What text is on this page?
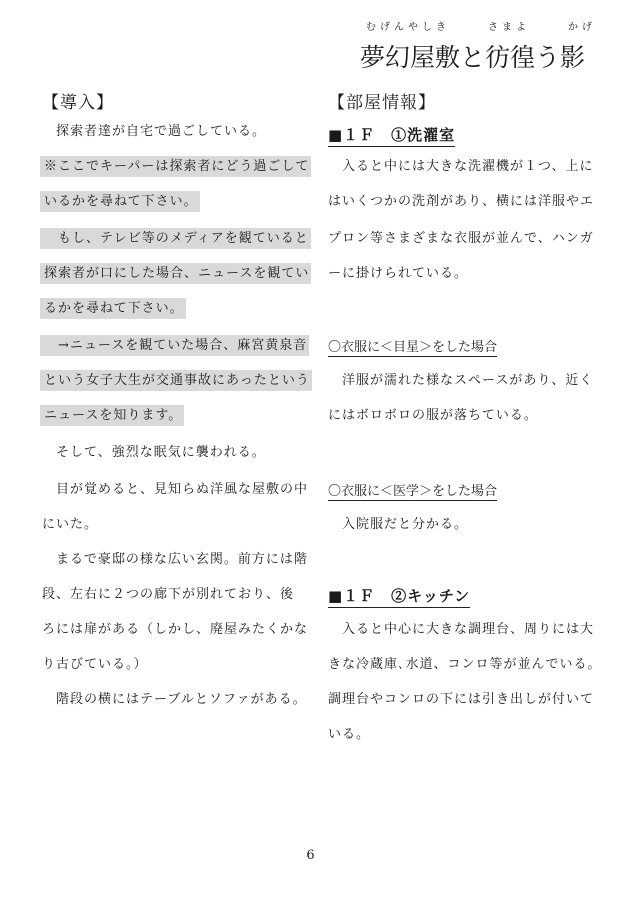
むげんやしき	さまよ	かげ
夢幻屋敷と彷徨う影
【導入】
　探索者達が自宅で過ごしている。
※ここでキーパーは探索者にどう過ごして
いるかを尋ねて下さい。
　もし、テレビ等のメディアを観ていると
探索者が口にした場合、ニュースを観てい
るかを尋ねて下さい。
　→ニュースを観ていた場合、麻宮黄泉音
という女子大生が交通事故にあったという
ニュースを知ります。
　そして、強烈な眠気に襲われる。
　目が覚めると、見知らぬ洋風な屋敷の中
にいた。
　まるで豪邸の様な広い玄関。前方には階
段、左右に２つの廊下が別れており、後
ろには扉がある（しかし、廃屋みたくかな
り古びている。）
　階段の横にはテーブルとソファがある。
【部屋情報】
■１Ｆ　①洗濯室
　入ると中には大きな洗濯機が１つ、上に
はいくつかの洗剤があり、横には洋服やエ
プロン等さまざまな衣服が並んで、ハンガ
ーに掛けられている。
〇衣服に＜目星＞をした場合
　洋服が濡れた様なスペースがあり、近く
にはボロボロの服が落ちている。
〇衣服に＜医学＞をした場合
　入院服だと分かる。
■１Ｆ　②キッチン
　入ると中心に大きな調理台、周りには大
きな冷蔵庫､水道、コンロ等が並んでいる。
調理台やコンロの下には引き出しが付いて
いる。
6
